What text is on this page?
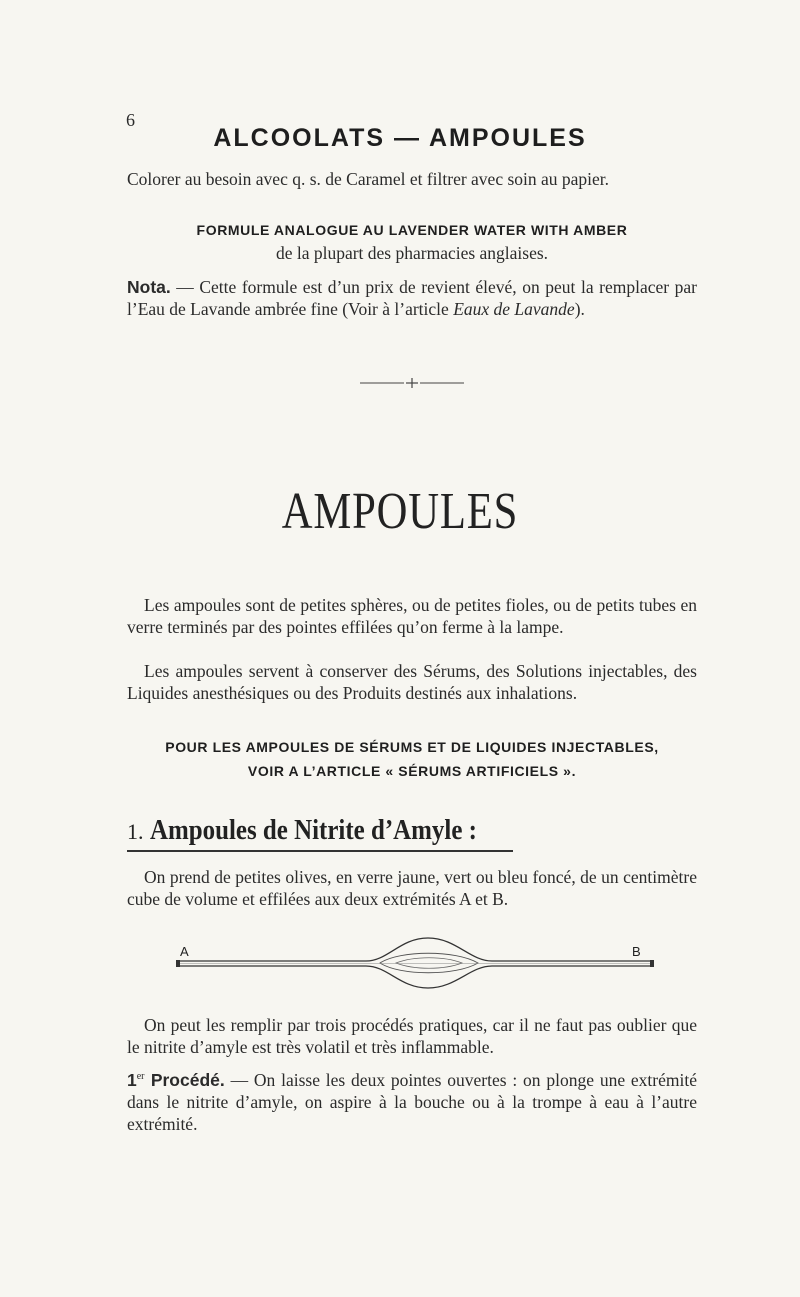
6
ALCOOLATS — AMPOULES

Colorer au besoin avec q. s. de Caramel et filtrer avec soin au papier.

FORMULE ANALOGUE AU LAVENDER WATER WITH AMBER
de la plupart des pharmacies anglaises.

Nota. — Cette formule est d’un prix de revient élevé, on peut la remplacer par l’Eau de Lavande ambrée fine (Voir à l’article Eaux de Lavande).

AMPOULES

Les ampoules sont de petites sphères, ou de petites fioles, ou de petits tubes en verre terminés par des pointes effilées qu’on ferme à la lampe.

Les ampoules servent à conserver des Sérums, des Solutions injectables, des Liquides anesthésiques ou des Produits destinés aux inhalations.

POUR LES AMPOULES DE SÉRUMS ET DE LIQUIDES INJECTABLES,
VOIR A L’ARTICLE « SÉRUMS ARTIFICIELS ».
1. Ampoules de Nitrite d’Amyle :

On prend de petites olives, en verre jaune, vert ou bleu foncé, de un centimètre cube de volume et effilées aux deux extrémités A et B.

A	B

On peut les remplir par trois procédés pratiques, car il ne faut pas oublier que le nitrite d’amyle est très volatil et très inflammable.

1er Procédé. — On laisse les deux pointes ouvertes : on plonge une extrémité dans le nitrite d’amyle, on aspire à la bouche ou à la trompe à eau à l’autre extrémité.
